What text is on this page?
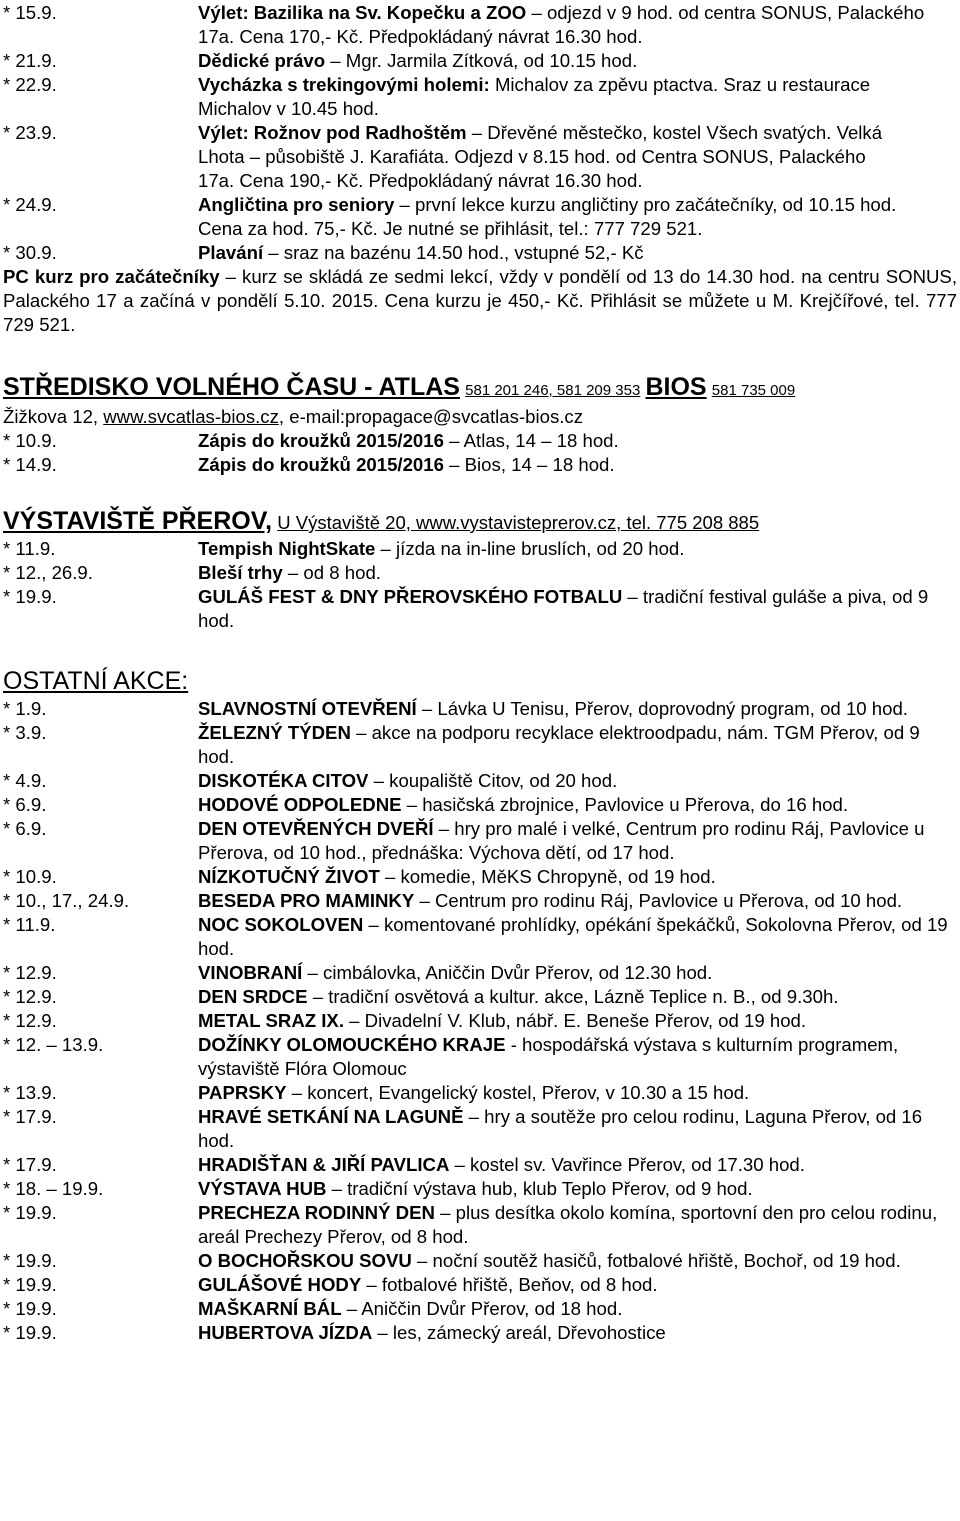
* 15.9.	Výlet: Bazilika na Sv. Kopečku a ZOO – odjezd v 9 hod. od centra SONUS, Palackého 17a. Cena 170,- Kč. Předpokládaný návrat 16.30 hod.
* 21.9.	Dědické právo – Mgr. Jarmila Zítková, od 10.15 hod.
* 22.9.	Vycházka s trekingovými holemi: Michalov za zpěvu ptactva. Sraz u restaurace Michalov v 10.45 hod.
* 23.9.	Výlet: Rožnov pod Radhoštěm – Dřevěné městečko, kostel Všech svatých. Velká Lhota – působiště J. Karafiáta. Odjezd v 8.15 hod. od Centra SONUS, Palackého 17a. Cena 190,- Kč. Předpokládaný návrat 16.30 hod.
* 24.9.	Angličtina pro seniory – první lekce kurzu angličtiny pro začátečníky, od 10.15 hod. Cena za hod. 75,- Kč. Je nutné se přihlásit, tel.: 777 729 521.
* 30.9.	Plavání – sraz na bazénu 14.50 hod., vstupné 52,- Kč
PC kurz pro začátečníky – kurz se skládá ze sedmi lekcí, vždy v pondělí od 13 do 14.30 hod. na centru SONUS, Palackého 17 a začíná v pondělí 5.10. 2015. Cena kurzu je 450,- Kč. Přihlásit se můžete u M. Krejčířové, tel. 777 729 521.
STŘEDISKO VOLNÉHO ČASU - ATLAS 581 201 246, 581 209 353 BIOS 581 735 009
Žižkova 12, www.svcatlas-bios.cz, e-mail:propagace@svcatlas-bios.cz
* 10.9.	Zápis do kroužků 2015/2016 – Atlas, 14 – 18 hod.
* 14.9.	Zápis do kroužků 2015/2016 – Bios, 14 – 18 hod.
VÝSTAVIŠTĚ PŘEROV, U Výstaviště 20, www.vystavisteprerov.cz, tel. 775 208 885
* 11.9.	Tempish NightSkate – jízda na in-line bruslích, od 20 hod.
* 12., 26.9.	Bleší trhy – od 8 hod.
* 19.9.	GULÁŠ FEST & DNY PŘEROVSKÉHO FOTBALU – tradiční festival guláše a piva, od 9 hod.
OSTATNÍ AKCE:
* 1.9.	SLAVNOSTNÍ OTEVŘENÍ – Lávka U Tenisu, Přerov, doprovodný program, od 10 hod.
* 3.9.	ŽELEZNÝ TÝDEN – akce na podporu recyklace elektroodpadu, nám. TGM Přerov, od 9 hod.
* 4.9.	DISKOTÉKA CITOV – koupaliště Citov, od 20 hod.
* 6.9.	HODOVÉ ODPOLEDNE – hasičská zbrojnice, Pavlovice u Přerova, do 16 hod.
* 6.9.	DEN OTEVŘENÝCH DVEŘÍ – hry pro malé i velké, Centrum pro rodinu Ráj, Pavlovice u Přerova, od 10 hod., přednáška: Výchova dětí, od 17 hod.
* 10.9.	NÍZKOTUČNÝ ŽIVOT – komedie, MěKS Chropyně, od 19 hod.
* 10., 17., 24.9.	BESEDA PRO MAMINKY – Centrum pro rodinu Ráj, Pavlovice u Přerova, od 10 hod.
* 11.9.	NOC SOKOLOVEN – komentované prohlídky, opékání špekáčků, Sokolovna Přerov, od 19 hod.
* 12.9.	VINOBRANÍ – cimbálovka, Aniččin Dvůr Přerov, od 12.30 hod.
* 12.9.	DEN SRDCE – tradiční osvětová a kultur. akce, Lázně Teplice n. B., od 9.30h.
* 12.9.	METAL SRAZ IX. – Divadelní V. Klub, nábř. E. Beneše Přerov, od 19 hod.
* 12. – 13.9.	DOŽÍNKY OLOMOUCKÉHO KRAJE - hospodářská výstava s kulturním programem, výstaviště Flóra Olomouc
* 13.9.	PAPRSKY – koncert, Evangelický kostel, Přerov, v 10.30 a 15 hod.
* 17.9.	HRAVÉ SETKÁNÍ NA LAGUNĚ – hry a soutěže pro celou rodinu, Laguna Přerov, od 16 hod.
* 17.9.	HRADIŠŤAN & JIŘÍ PAVLICA – kostel sv. Vavřince Přerov, od 17.30 hod.
* 18. – 19.9.	VÝSTAVA HUB – tradiční výstava hub, klub Teplo Přerov, od 9 hod.
* 19.9.	PRECHEZA RODINNÝ DEN – plus desítka okolo komína, sportovní den pro celou rodinu, areál Prechezy Přerov, od 8 hod.
* 19.9.	O BOCHOŘSKOU SOVU – noční soutěž hasičů, fotbalové hřiště, Bochoř, od 19 hod.
* 19.9.	GULÁŠOVÉ HODY – fotbalové hřiště, Beňov, od 8 hod.
* 19.9.	MAŠKARNÍ BÁL – Aniččin Dvůr Přerov, od 18 hod.
* 19.9.	HUBERTOVA JÍZDA – les, zámecký areál, Dřevohostice
